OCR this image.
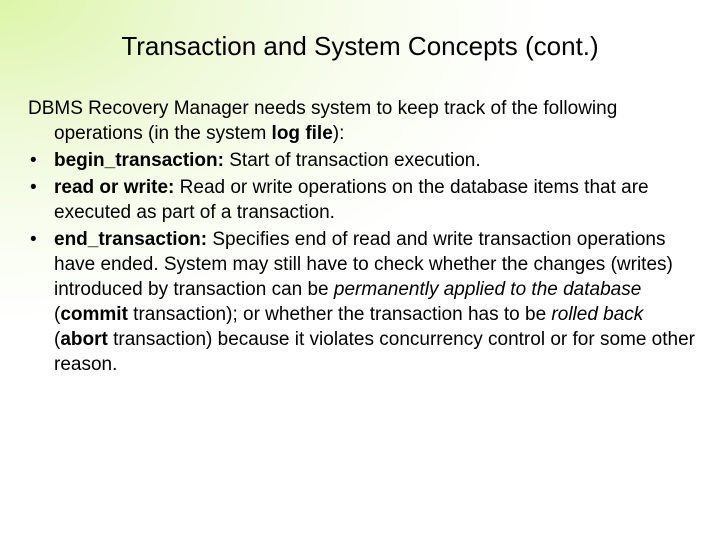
Transaction and System Concepts (cont.)

DBMS Recovery Manager needs system to keep track of the following operations (in the system log file):

• begin_transaction: Start of transaction execution.
• read or write: Read or write operations on the database items that are executed as part of a transaction.
• end_transaction: Specifies end of read and write transaction operations have ended. System may still have to check whether the changes (writes) introduced by transaction can be permanently applied to the database (commit transaction); or whether the transaction has to be rolled back (abort transaction) because it violates concurrency control or for some other reason.
